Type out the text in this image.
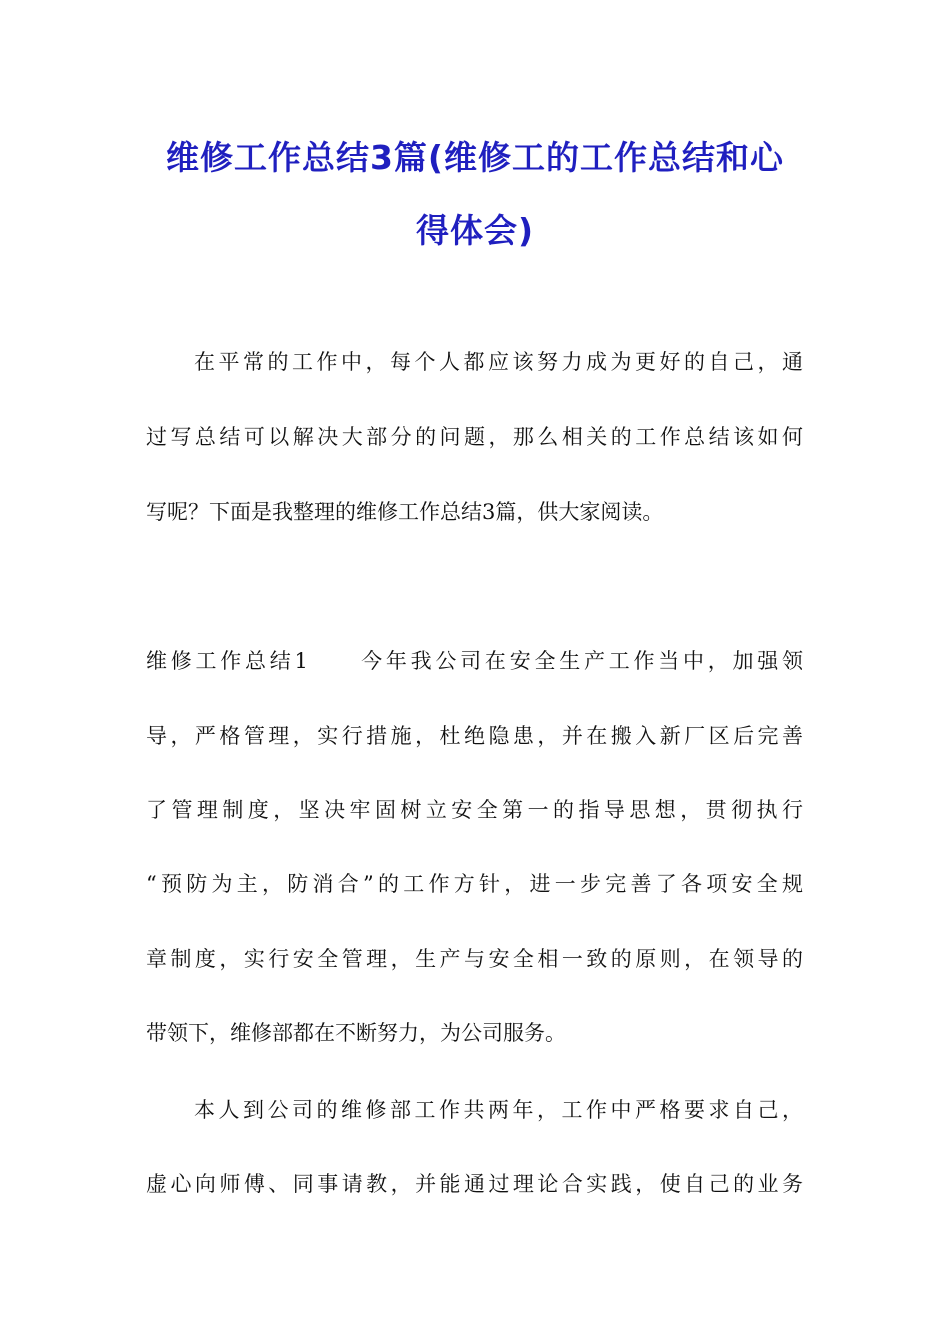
维修工作总结3篇(维修工的工作总结和心
得体会)
在平常的工作中，每个人都应该努力成为更好的自己，通
过写总结可以解决大部分的问题，那么相关的工作总结该如何
写呢？下面是我整理的维修工作总结3篇，供大家阅读。
维修工作总结1　　今年我公司在安全生产工作当中，加强领
导，严格管理，实行措施，杜绝隐患，并在搬入新厂区后完善
了管理制度，坚决牢固树立安全第一的指导思想，贯彻执行
“预防为主，防消合”的工作方针，进一步完善了各项安全规
章制度，实行安全管理，生产与安全相一致的原则，在领导的
带领下，维修部都在不断努力，为公司服务。
本人到公司的维修部工作共两年，工作中严格要求自己，
虚心向师傅、同事请教，并能通过理论合实践，使自己的业务
